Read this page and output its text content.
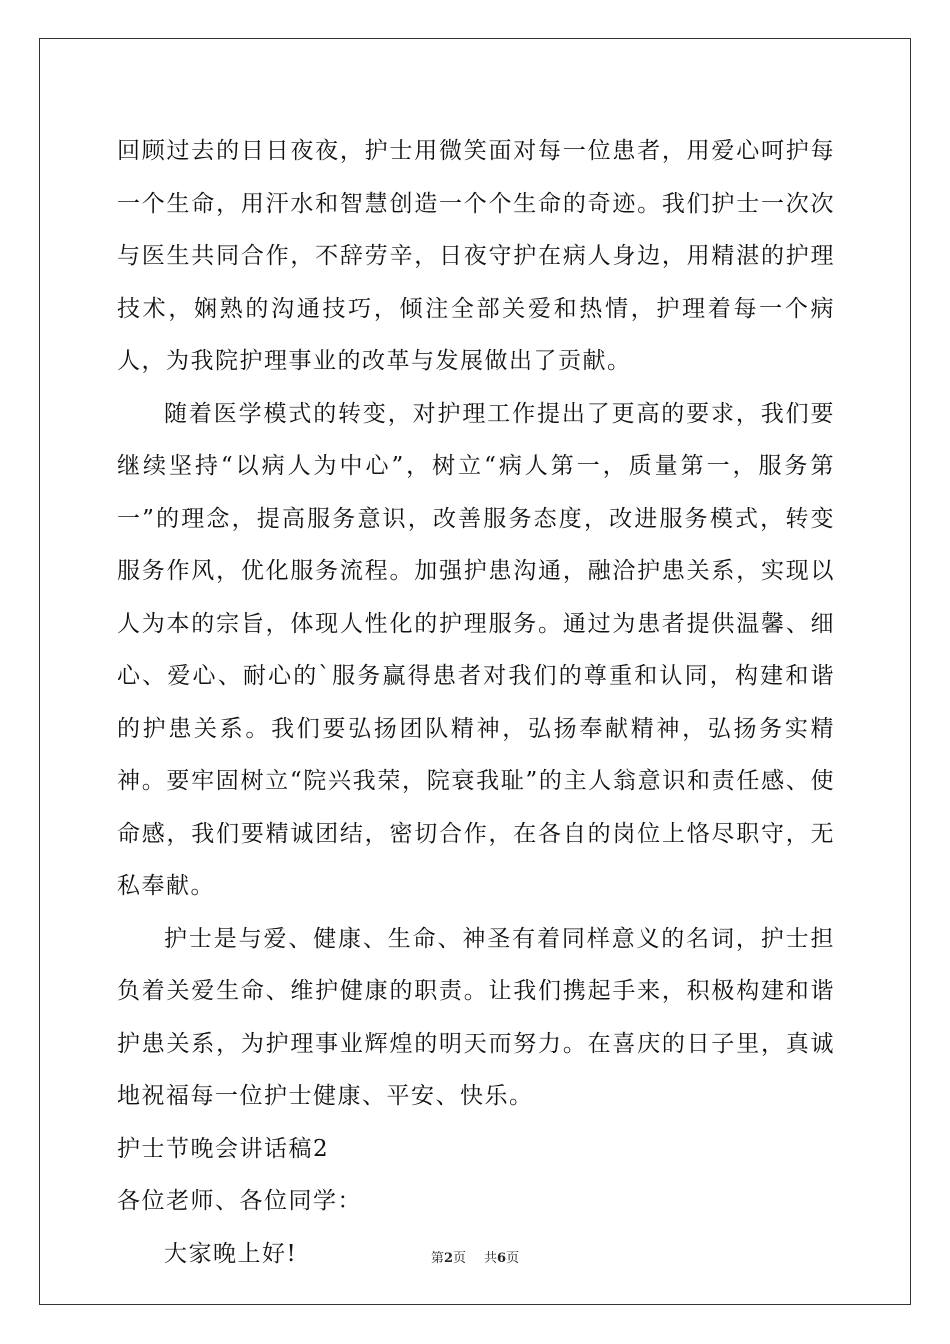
回顾过去的日日夜夜，护士用微笑面对每一位患者，用爱心呵护每一个生命，用汗水和智慧创造一个个生命的奇迹。我们护士一次次与医生共同合作，不辞劳辛，日夜守护在病人身边，用精湛的护理技术，娴熟的沟通技巧，倾注全部关爱和热情，护理着每一个病人，为我院护理事业的改革与发展做出了贡献。

随着医学模式的转变，对护理工作提出了更高的要求，我们要继续坚持“以病人为中心”，树立“病人第一，质量第一，服务第一”的理念，提高服务意识，改善服务态度，改进服务模式，转变服务作风，优化服务流程。加强护患沟通，融洽护患关系，实现以人为本的宗旨，体现人性化的护理服务。通过为患者提供温馨、细心、爱心、耐心的`服务赢得患者对我们的尊重和认同，构建和谐的护患关系。我们要弘扬团队精神，弘扬奉献精神，弘扬务实精神。要牢固树立“院兴我荣，院衰我耻”的主人翁意识和责任感、使命感，我们要精诚团结，密切合作，在各自的岗位上恪尽职守，无私奉献。

护士是与爱、健康、生命、神圣有着同样意义的名词，护士担负着关爱生命、维护健康的职责。让我们携起手来，积极构建和谐护患关系，为护理事业辉煌的明天而努力。在喜庆的日子里，真诚地祝福每一位护士健康、平安、快乐。

护士节晚会讲话稿2

各位老师、各位同学：

大家晚上好!	第2页 共6页
